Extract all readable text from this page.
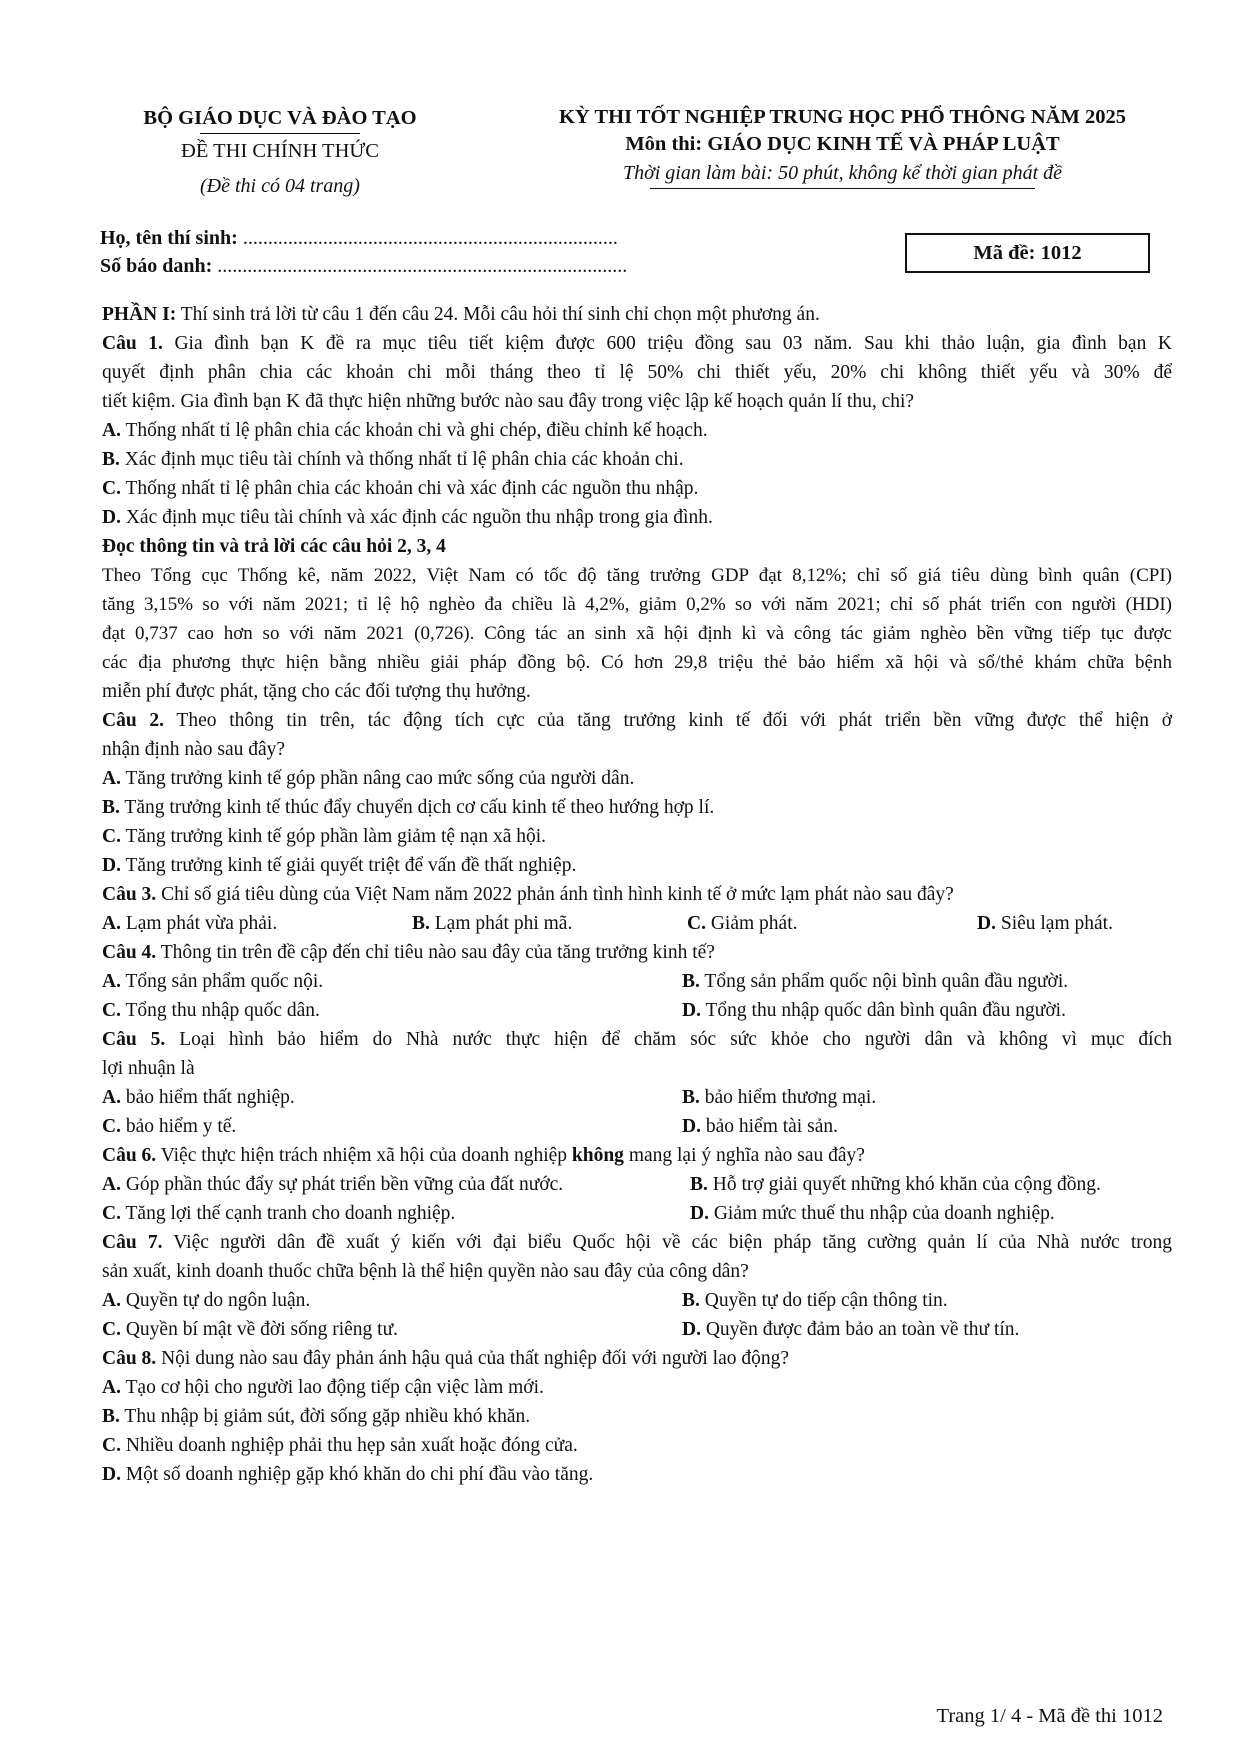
BỘ GIÁO DỤC VÀ ĐÀO TẠO
ĐỀ THI CHÍNH THỨC
(Đề thi có 04 trang)
KỲ THI TỐT NGHIỆP TRUNG HỌC PHỔ THÔNG NĂM 2025
Môn thi: GIÁO DỤC KINH TẾ VÀ PHÁP LUẬT
Thời gian làm bài: 50 phút, không kể thời gian phát đề
Họ, tên thí sinh: ...........................................................................
Số báo danh: ..................................................................................
Mã đề: 1012
PHẦN I: Thí sinh trả lời từ câu 1 đến câu 24. Mỗi câu hỏi thí sinh chỉ chọn một phương án.
Câu 1. Gia đình bạn K đề ra mục tiêu tiết kiệm được 600 triệu đồng sau 03 năm. Sau khi thảo luận, gia đình bạn K
quyết định phân chia các khoản chi mỗi tháng theo tỉ lệ 50% chi thiết yếu, 20% chi không thiết yếu và 30% để
tiết kiệm. Gia đình bạn K đã thực hiện những bước nào sau đây trong việc lập kế hoạch quản lí thu, chi?
A. Thống nhất tỉ lệ phân chia các khoản chi và ghi chép, điều chỉnh kế hoạch.
B. Xác định mục tiêu tài chính và thống nhất tỉ lệ phân chia các khoản chi.
C. Thống nhất tỉ lệ phân chia các khoản chi và xác định các nguồn thu nhập.
D. Xác định mục tiêu tài chính và xác định các nguồn thu nhập trong gia đình.
Đọc thông tin và trả lời các câu hỏi 2, 3, 4
Theo Tổng cục Thống kê, năm 2022, Việt Nam có tốc độ tăng trưởng GDP đạt 8,12%; chỉ số giá tiêu dùng bình quân (CPI)
tăng 3,15% so với năm 2021; tỉ lệ hộ nghèo đa chiều là 4,2%, giảm 0,2% so với năm 2021; chỉ số phát triển con người (HDI)
đạt 0,737 cao hơn so với năm 2021 (0,726). Công tác an sinh xã hội định kì và công tác giảm nghèo bền vững tiếp tục được
các địa phương thực hiện bằng nhiều giải pháp đồng bộ. Có hơn 29,8 triệu thẻ bảo hiểm xã hội và sổ/thẻ khám chữa bệnh
miễn phí được phát, tặng cho các đối tượng thụ hưởng.
Câu 2. Theo thông tin trên, tác động tích cực của tăng trưởng kinh tế đối với phát triển bền vững được thể hiện ở
nhận định nào sau đây?
A. Tăng trưởng kinh tế góp phần nâng cao mức sống của người dân.
B. Tăng trưởng kinh tế thúc đẩy chuyển dịch cơ cấu kinh tế theo hướng hợp lí.
C. Tăng trưởng kinh tế góp phần làm giảm tệ nạn xã hội.
D. Tăng trưởng kinh tế giải quyết triệt để vấn đề thất nghiệp.
Câu 3. Chỉ số giá tiêu dùng của Việt Nam năm 2022 phản ánh tình hình kinh tế ở mức lạm phát nào sau đây?
A. Lạm phát vừa phải.	B. Lạm phát phi mã.	C. Giảm phát.	D. Siêu lạm phát.
Câu 4. Thông tin trên đề cập đến chỉ tiêu nào sau đây của tăng trưởng kinh tế?
A. Tổng sản phẩm quốc nội.	B. Tổng sản phẩm quốc nội bình quân đầu người.
C. Tổng thu nhập quốc dân.	D. Tổng thu nhập quốc dân bình quân đầu người.
Câu 5. Loại hình bảo hiểm do Nhà nước thực hiện để chăm sóc sức khỏe cho người dân và không vì mục đích
lợi nhuận là
A. bảo hiểm thất nghiệp.	B. bảo hiểm thương mại.
C. bảo hiểm y tế.	D. bảo hiểm tài sản.
Câu 6. Việc thực hiện trách nhiệm xã hội của doanh nghiệp không mang lại ý nghĩa nào sau đây?
A. Góp phần thúc đẩy sự phát triển bền vững của đất nước.	B. Hỗ trợ giải quyết những khó khăn của cộng đồng.
C. Tăng lợi thế cạnh tranh cho doanh nghiệp.	D. Giảm mức thuế thu nhập của doanh nghiệp.
Câu 7. Việc người dân đề xuất ý kiến với đại biểu Quốc hội về các biện pháp tăng cường quản lí của Nhà nước trong
sản xuất, kinh doanh thuốc chữa bệnh là thể hiện quyền nào sau đây của công dân?
A. Quyền tự do ngôn luận.	B. Quyền tự do tiếp cận thông tin.
C. Quyền bí mật về đời sống riêng tư.	D. Quyền được đảm bảo an toàn về thư tín.
Câu 8. Nội dung nào sau đây phản ánh hậu quả của thất nghiệp đối với người lao động?
A. Tạo cơ hội cho người lao động tiếp cận việc làm mới.
B. Thu nhập bị giảm sút, đời sống gặp nhiều khó khăn.
C. Nhiều doanh nghiệp phải thu hẹp sản xuất hoặc đóng cửa.
D. Một số doanh nghiệp gặp khó khăn do chi phí đầu vào tăng.
Trang 1/ 4 - Mã đề thi 1012
